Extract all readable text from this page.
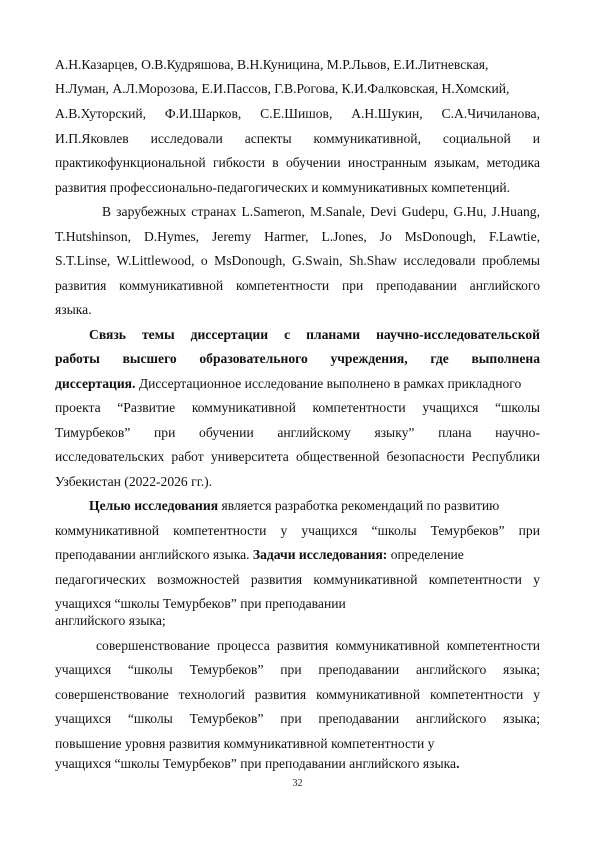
А.Н.Казарцев, О.В.Кудряшова, В.Н.Куницина, М.Р.Львов, Е.И.Литневская,
Н.Луман, А.Л.Морозова, Е.И.Пассов, Г.В.Рогова, К.И.Фалковская, Н.Хомский,
А.В.Хуторский, Ф.И.Шарков, С.Е.Шишов, А.Н.Шукин, С.А.Чичиланова,
И.П.Яковлев исследовали аспекты коммуникативной, социальной и
практикофункциональной гибкости в обучении иностранным языкам, методика
развития профессионально-педагогических и коммуникативных компетенций.
В зарубежных странах L.Sameron, M.Sanale, Devi Gudepu, G.Hu, J.Huang,
T.Hutshinson, D.Hymes, Jeremy Harmer, L.Jones, Jo MsDonough, F.Lawtie,
S.T.Linse, W.Littlewood, o MsDonough, G.Swain, Sh.Shaw исследовали проблемы
развития коммуникативной компетентности при преподавании английского
языка.
Связь темы диссертации с планами научно-исследовательской
работы высшего образовательного учреждения, где выполнена
диссертация. Диссертационное исследование выполнено в рамках прикладного
проекта “Развитие коммуникативной компетентности учащихся “школы
Тимурбеков” при обучении английскому языку” плана научно-
исследовательских работ университета общественной безопасности Республики
Узбекистан (2022-2026 гг.).
Целью исследования является разработка рекомендаций по развитию
коммуникативной компетентности у учащихся “школы Темурбеков” при
преподавании английского языка. Задачи исследования: определение
педагогических возможностей развития коммуникативной компетентности у
учащихся “школы Темурбеков” при преподавании
английского языка;
совершенствование процесса развития коммуникативной компетентности
учащихся “школы Темурбеков” при преподавании английского языка;
совершенствование технологий развития коммуникативной компетентности у
учащихся “школы Темурбеков” при преподавании английского языка;
повышение уровня развития коммуникативной компетентности у
учащихся “школы Темурбеков” при преподавании английского языка.
32
